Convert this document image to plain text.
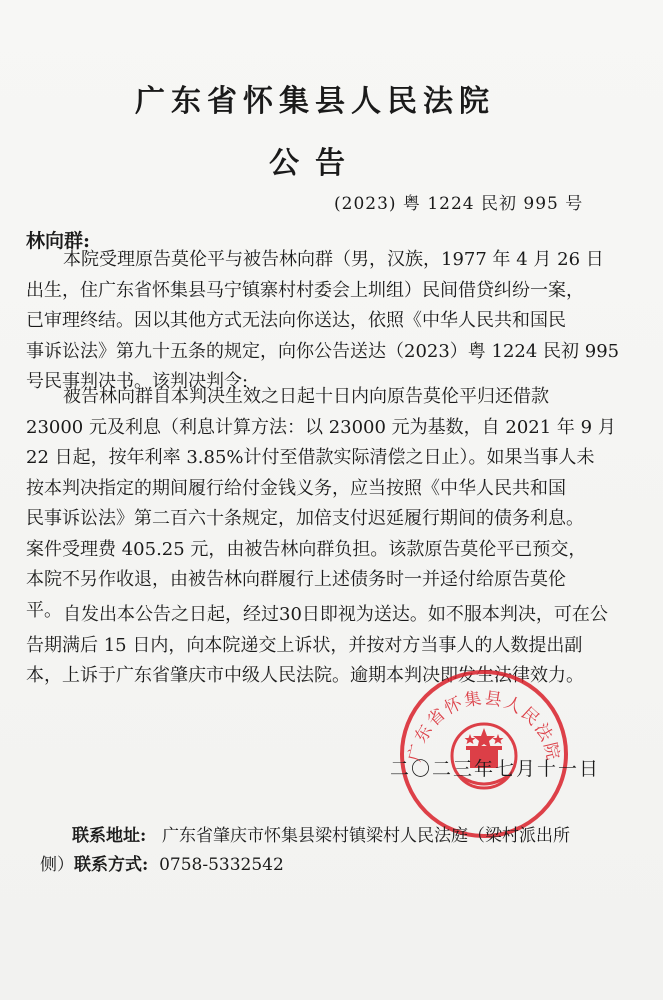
广东省怀集县人民法院
公告
(2023) 粤 1224 民初 995 号
林向群:
本院受理原告莫伦平与被告林向群（男，汉族，1977 年 4 月 26 日
出生，住广东省怀集县马宁镇寨村村委会上圳组）民间借贷纠纷一案，
已审理终结。因以其他方式无法向你送达，依照《中华人民共和国民
事诉讼法》第九十五条的规定，向你公告送达（2023）粤 1224 民初 995
号民事判决书。该判决判令:
被告林向群自本判决生效之日起十日内向原告莫伦平归还借款
23000 元及利息（利息计算方法：以 23000 元为基数，自 2021 年 9 月
22 日起，按年利率 3.85%计付至借款实际清偿之日止）。如果当事人未
按本判决指定的期间履行给付金钱义务，应当按照《中华人民共和国
民事诉讼法》第二百六十条规定，加倍支付迟延履行期间的债务利息。
案件受理费 405.25 元，由被告林向群负担。该款原告莫伦平已预交，
本院不另作收退，由被告林向群履行上述债务时一并迳付给原告莫伦
平。 自发出本公告之日起，经过30日即视为送达。如不服本判决，可在公
告期满后 15 日内，向本院递交上诉状，并按对方当事人的人数提出副
本，上诉于广东省肇庆市中级人民法院。逾期本判决即发生法律效力。
广东省怀集县人民法院
二〇二三年七月十一日
联系地址: 广东省肇庆市怀集县梁村镇梁村人民法庭（梁村派出所
侧）联系方式: 0758-5332542
